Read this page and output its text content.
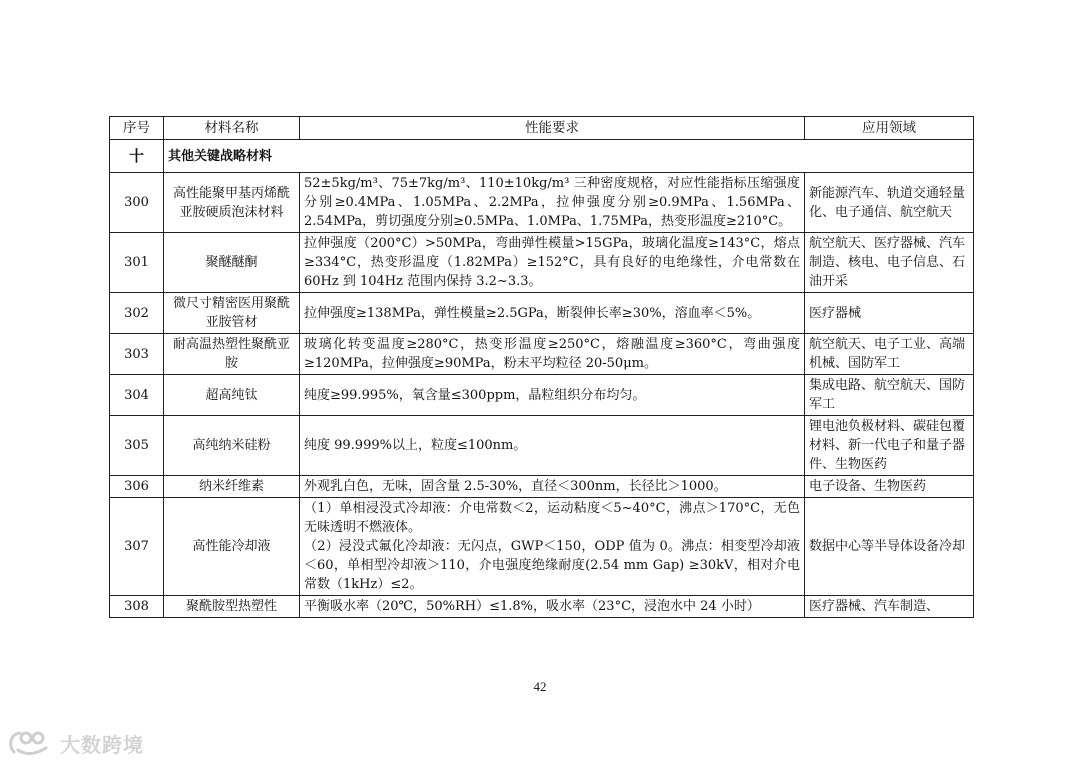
序号	材料名称	性能要求	应用领域
十	其他关键战略材料		
300	高性能聚甲基丙烯酰亚胺硬质泡沫材料	52±5kg/m³、75±7kg/m³、110±10kg/m³ 三种密度规格，对应性能指标压缩强度分别≥0.4MPa、1.05MPa、2.2MPa，拉伸强度分别≥0.9MPa、1.56MPa、2.54MPa，剪切强度分别≥0.5MPa、1.0MPa、1.75MPa，热变形温度≥210°C。	新能源汽车、轨道交通轻量化、电子通信、航空航天
301	聚醚醚酮	拉伸强度（200°C）>50MPa，弯曲弹性模量>15GPa，玻璃化温度≥143°C，熔点≥334°C，热变形温度（1.82MPa）≥152°C，具有良好的电绝缘性，介电常数在 60Hz 到 104Hz 范围内保持 3.2~3.3。	航空航天、医疗器械、汽车制造、核电、电子信息、石油开采
302	微尺寸精密医用聚酰亚胺管材	拉伸强度≥138MPa，弹性模量≥2.5GPa，断裂伸长率≥30%，溶血率＜5%。	医疗器械
303	耐高温热塑性聚酰亚胺	玻璃化转变温度≥280°C，热变形温度≥250°C，熔融温度≥360°C，弯曲强度≥120MPa，拉伸强度≥90MPa，粉末平均粒径 20-50μm。	航空航天、电子工业、高端机械、国防军工
304	超高纯钛	纯度≥99.995%，氧含量≤300ppm，晶粒组织分布均匀。	集成电路、航空航天、国防军工
305	高纯纳米硅粉	纯度 99.999%以上，粒度≤100nm。	锂电池负极材料、碳硅包覆材料、新一代电子和量子器件、生物医药
306	纳米纤维素	外观乳白色，无味，固含量 2.5-30%，直径＜300nm，长径比＞1000。	电子设备、生物医药
307	高性能冷却液	（1）单相浸没式冷却液：介电常数＜2，运动粘度＜5~40°C，沸点＞170°C，无色无味透明不燃液体。
（2）浸没式氟化冷却液：无闪点，GWP＜150，ODP 值为 0。沸点：相变型冷却液＜60，单相型冷却液＞110，介电强度绝缘耐度(2.54 mm Gap) ≥30kV，相对介电常数（1kHz）≤2。	数据中心等半导体设备冷却
308	聚酰胺型热塑性	平衡吸水率（20℃，50%RH）≤1.8%，吸水率（23°C，浸泡水中 24 小时）	医疗器械、汽车制造、
42
大数跨境
